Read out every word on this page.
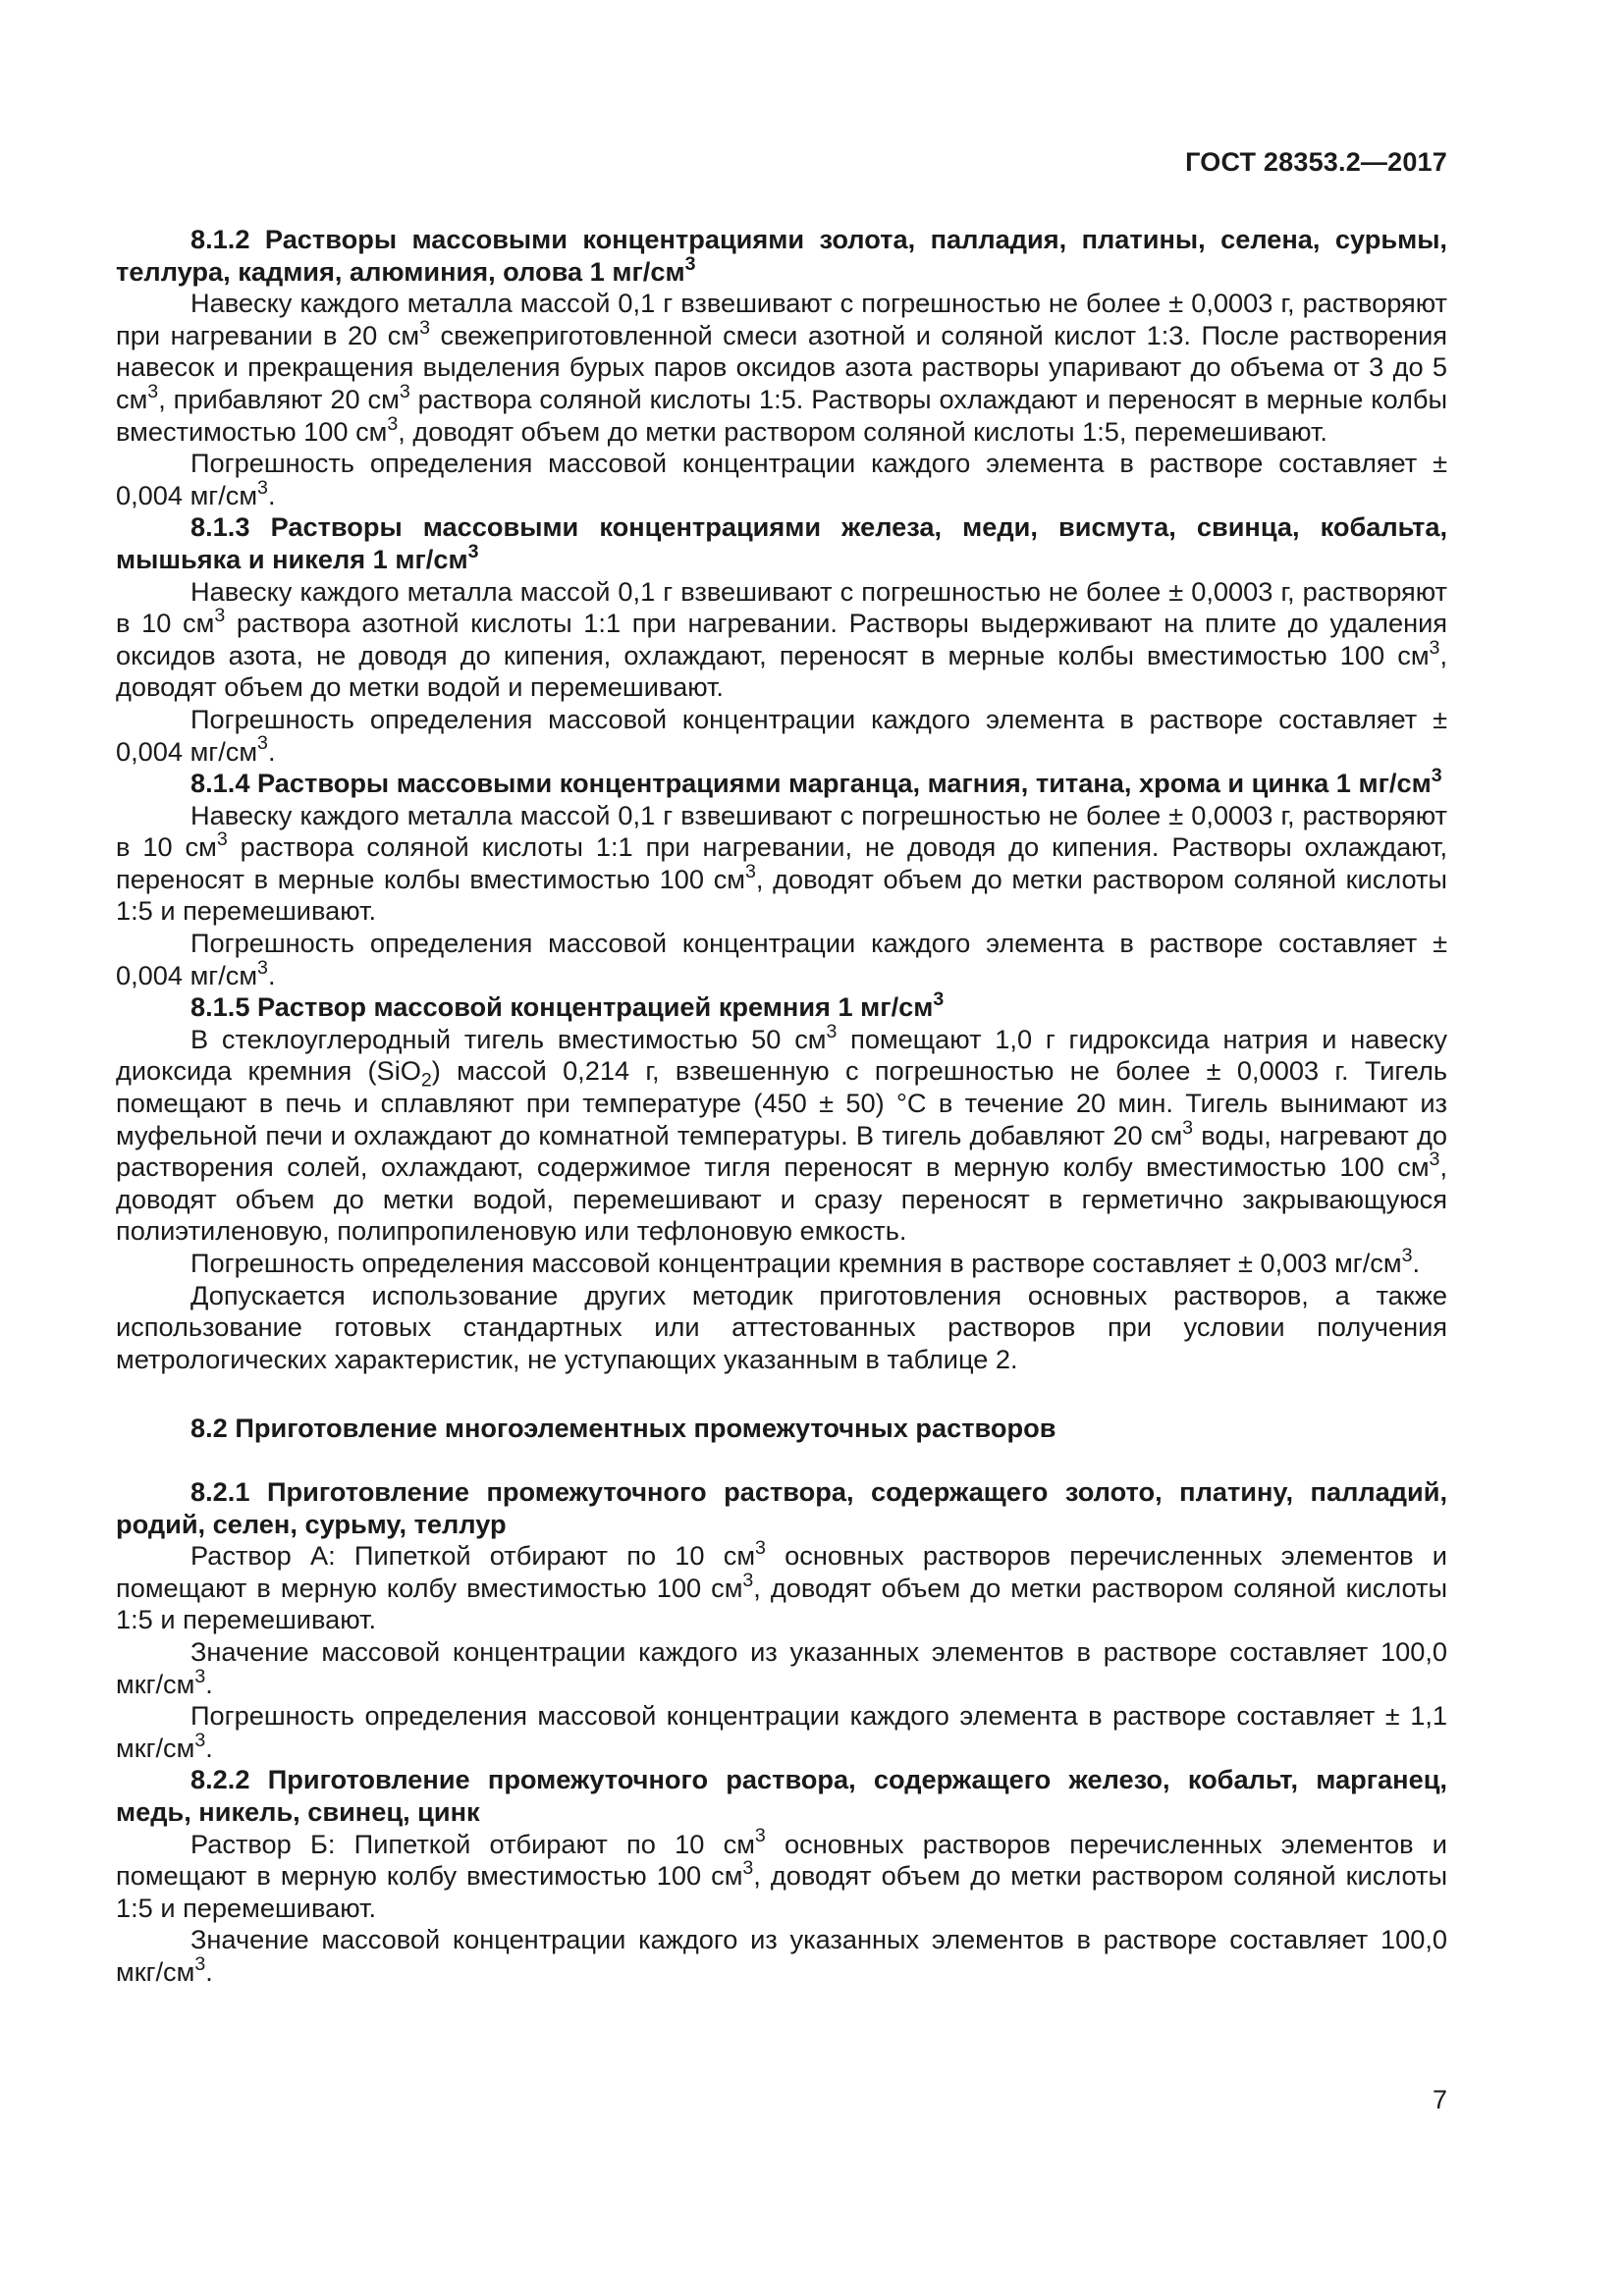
ГОСТ 28353.2—2017

8.1.2 Растворы массовыми концентрациями золота, палладия, платины, селена, сурьмы, теллура, кадмия, алюминия, олова 1 $мг/см^3$

Навеску каждого металла массой 0,1 г взвешивают с погрешностью не более ± 0,0003 г, растворяют при нагревании в 20 $см^3$ свежеприготовленной смеси азотной и соляной кислот 1:3. После растворения навесок и прекращения выделения бурых паров оксидов азота растворы упаривают до объема от 3 до 5 $см^3$, прибавляют 20 $см^3$ раствора соляной кислоты 1:5. Растворы охлаждают и переносят в мерные колбы вместимостью 100 $см^3$, доводят объем до метки раствором соляной кислоты 1:5, перемешивают.

Погрешность определения массовой концентрации каждого элемента в растворе составляет ± 0,004 $мг/см^3$.

8.1.3 Растворы массовыми концентрациями железа, меди, висмута, свинца, кобальта, мышьяка и никеля 1 $мг/см^3$

Навеску каждого металла массой 0,1 г взвешивают с погрешностью не более ± 0,0003 г, растворяют в 10 $см^3$ раствора азотной кислоты 1:1 при нагревании. Растворы выдерживают на плите до удаления оксидов азота, не доводя до кипения, охлаждают, переносят в мерные колбы вместимостью 100 $см^3$, доводят объем до метки водой и перемешивают.

Погрешность определения массовой концентрации каждого элемента в растворе составляет ± 0,004 $мг/см^3$.

8.1.4 Растворы массовыми концентрациями марганца, магния, титана, хрома и цинка 1 $мг/см^3$

Навеску каждого металла массой 0,1 г взвешивают с погрешностью не более ± 0,0003 г, растворяют в 10 $см^3$ раствора соляной кислоты 1:1 при нагревании, не доводя до кипения. Растворы охлаждают, переносят в мерные колбы вместимостью 100 $см^3$, доводят объем до метки раствором соляной кислоты 1:5 и перемешивают.

Погрешность определения массовой концентрации каждого элемента в растворе составляет ± 0,004 $мг/см^3$.

8.1.5 Раствор массовой концентрацией кремния 1 $мг/см^3$

В стеклоуглеродный тигель вместимостью 50 $см^3$ помещают 1,0 г гидроксида натрия и навеску диоксида кремния (SiO$_2$) массой 0,214 г, взвешенную с погрешностью не более ± 0,0003 г. Тигель помещают в печь и сплавляют при температуре (450 ± 50) °С в течение 20 мин. Тигель вынимают из муфельной печи и охлаждают до комнатной температуры. В тигель добавляют 20 $см^3$ воды, нагревают до растворения солей, охлаждают, содержимое тигля переносят в мерную колбу вместимостью 100 $см^3$, доводят объем до метки водой, перемешивают и сразу переносят в герметично закрывающуюся полиэтиленовую, полипропиленовую или тефлоновую емкость.

Погрешность определения массовой концентрации кремния в растворе составляет ± 0,003 $мг/см^3$.

Допускается использование других методик приготовления основных растворов, а также использование готовых стандартных или аттестованных растворов при условии получения метрологических характеристик, не уступающих указанным в таблице 2.

8.2 Приготовление многоэлементных промежуточных растворов

8.2.1 Приготовление промежуточного раствора, содержащего золото, платину, палладий, родий, селен, сурьму, теллур

Раствор А: Пипеткой отбирают по 10 $см^3$ основных растворов перечисленных элементов и помещают в мерную колбу вместимостью 100 $см^3$, доводят объем до метки раствором соляной кислоты 1:5 и перемешивают.

Значение массовой концентрации каждого из указанных элементов в растворе составляет 100,0 мкг/$см^3$.

Погрешность определения массовой концентрации каждого элемента в растворе составляет ± 1,1 мкг/$см^3$.

8.2.2 Приготовление промежуточного раствора, содержащего железо, кобальт, марганец, медь, никель, свинец, цинк

Раствор Б: Пипеткой отбирают по 10 $см^3$ основных растворов перечисленных элементов и помещают в мерную колбу вместимостью 100 $см^3$, доводят объем до метки раствором соляной кислоты 1:5 и перемешивают.

Значение массовой концентрации каждого из указанных элементов в растворе составляет 100,0 мкг/$см^3$.

7
